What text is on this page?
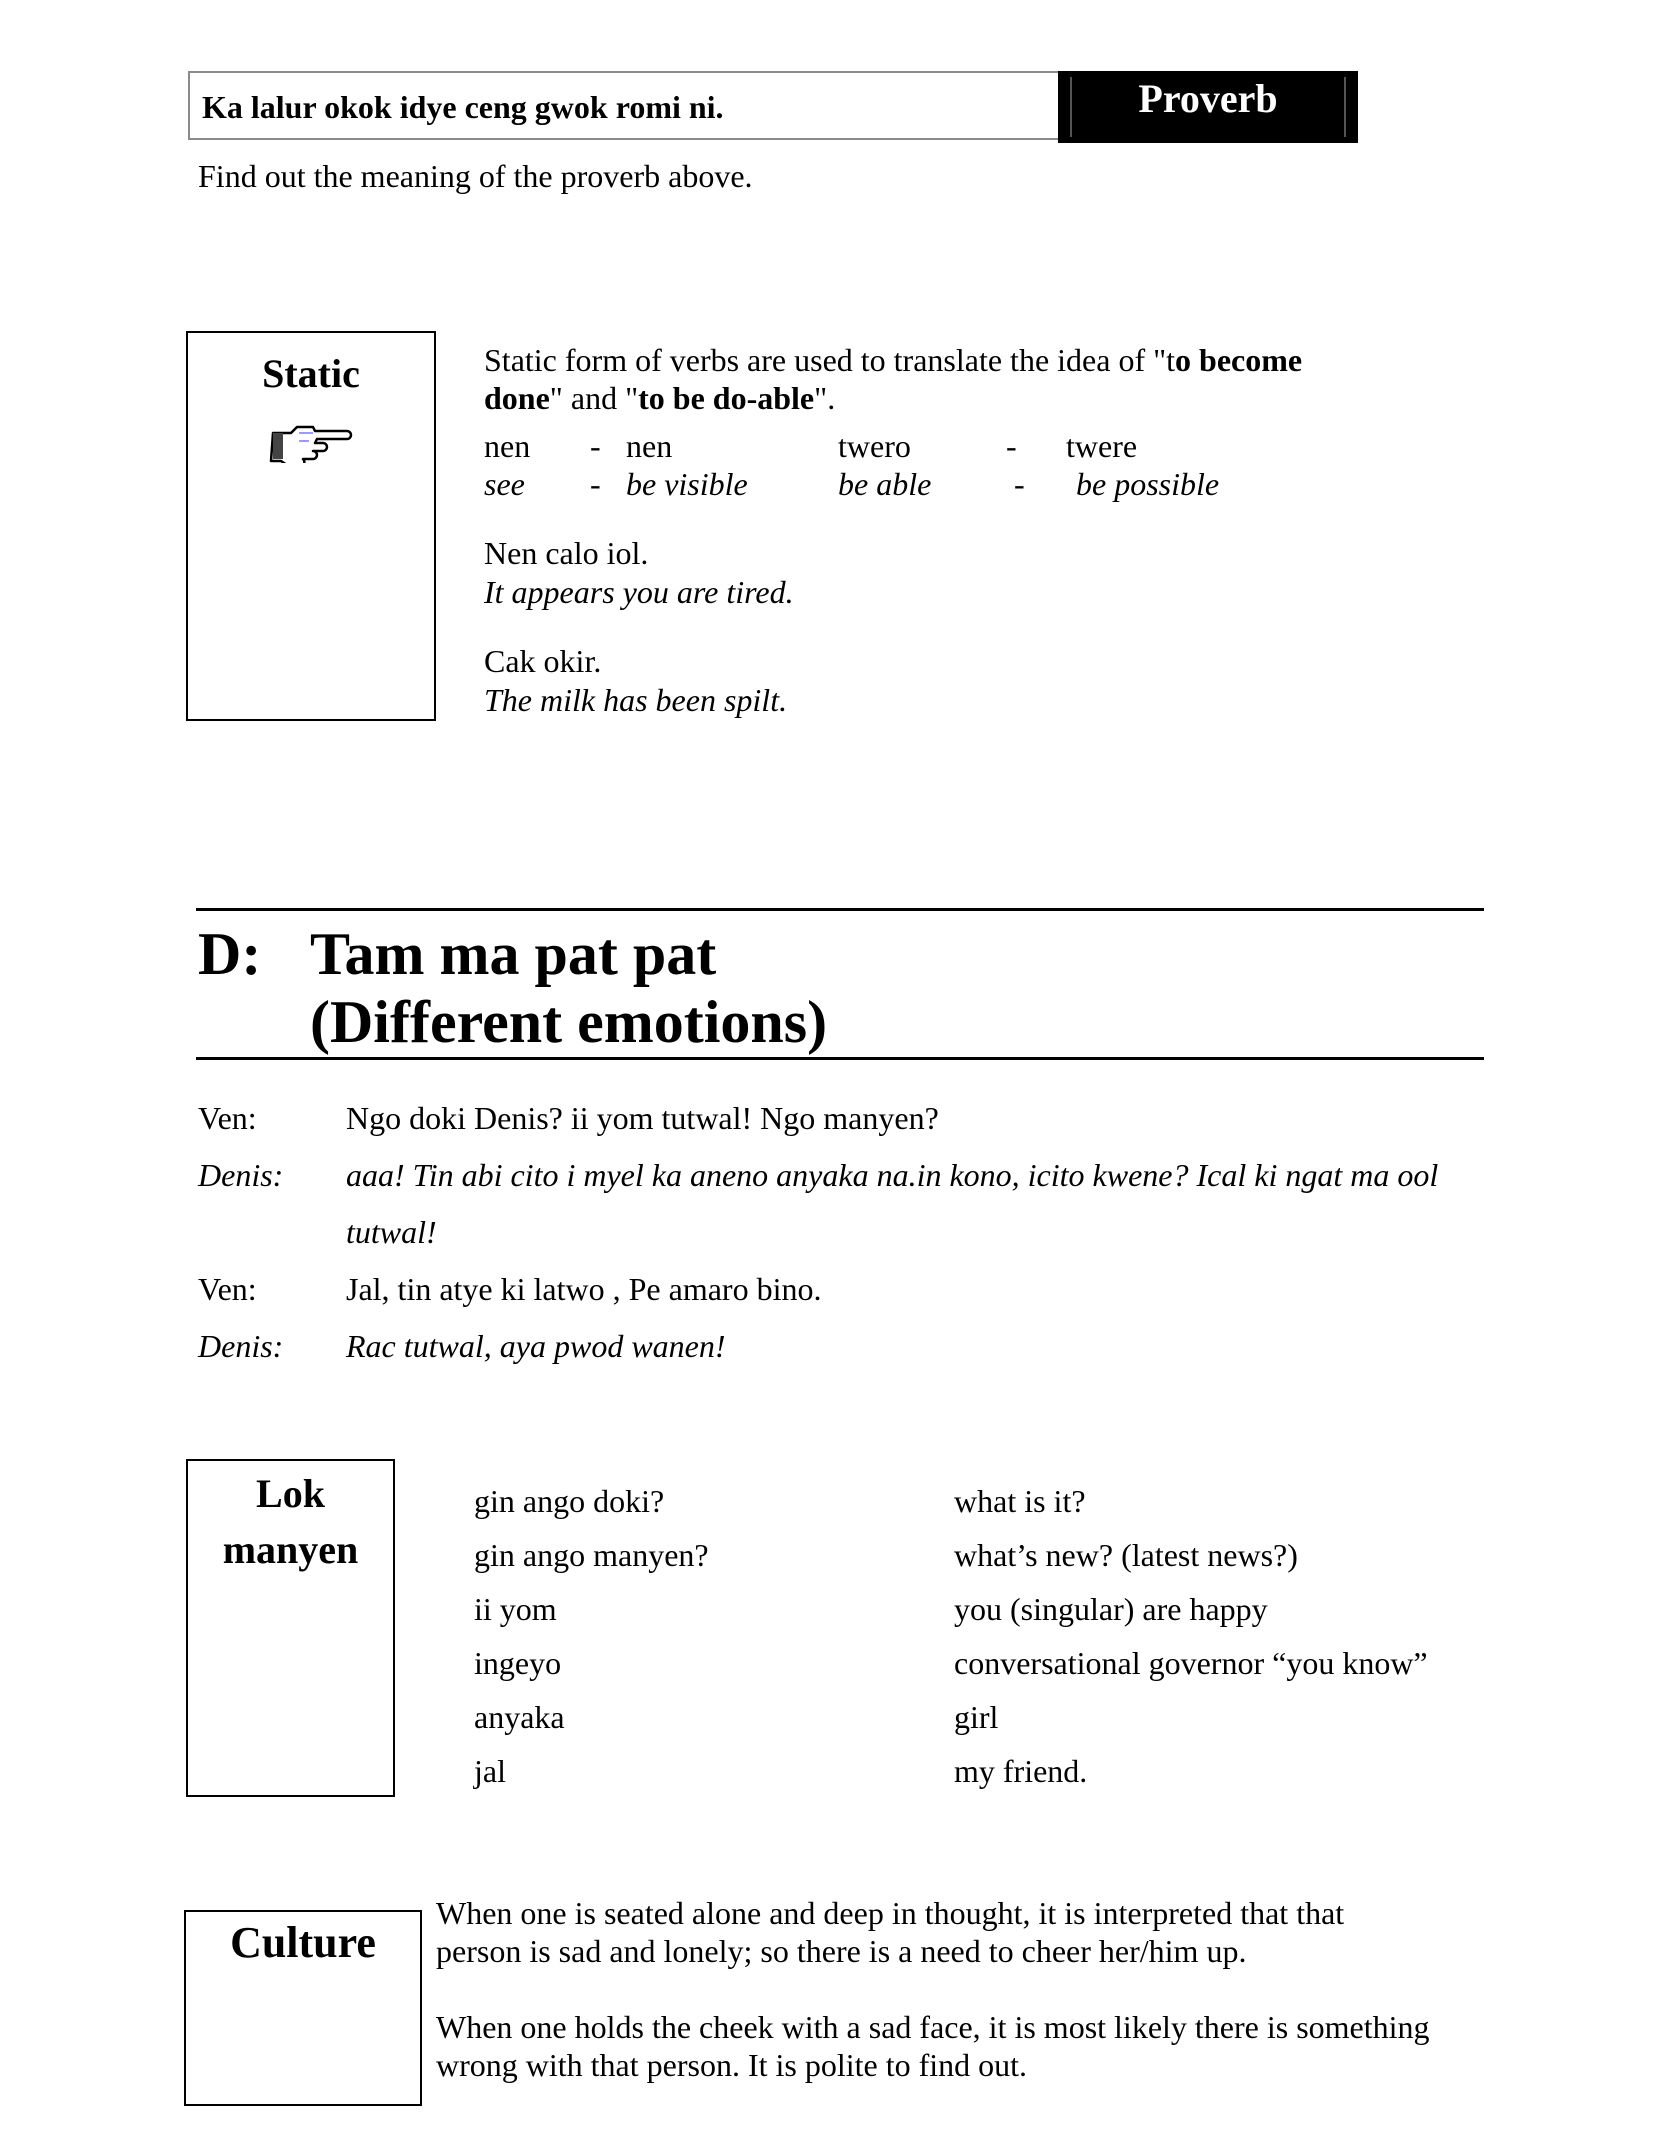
Ka lalur okok idye ceng gwok romi ni.	Proverb
Find out the meaning of the proverb above.
Static	Static form of verbs are used to translate the idea of "to become done" and "to be do-able".
nen - nen	twero	- twere
see - be visible	be able	- be possible
Nen calo iol.
It appears you are tired.
Cak okir.
The milk has been spilt.
D: Tam ma pat pat
(Different emotions)
Ven:	Ngo doki Denis? ii yom tutwal! Ngo manyen?
Denis: aaa! Tin abi cito i myel ka aneno anyaka na.in kono, icito kwene? Ical ki ngat ma ool tutwal!
Ven:	Jal, tin atye ki latwo , Pe amaro bino.
Denis: Rac tutwal, aya pwod wanen!
Lok
manyen
gin ango doki?	what is it?
gin ango manyen?	what’s new? (latest news?)
ii yom	you (singular) are happy
ingeyo	conversational governor “you know”
anyaka	girl
jal	my friend.
Culture
When one is seated alone and deep in thought, it is interpreted that that person is sad and lonely; so there is a need to cheer her/him up.
When one holds the cheek with a sad face, it is most likely there is something wrong with that person. It is polite to find out.
